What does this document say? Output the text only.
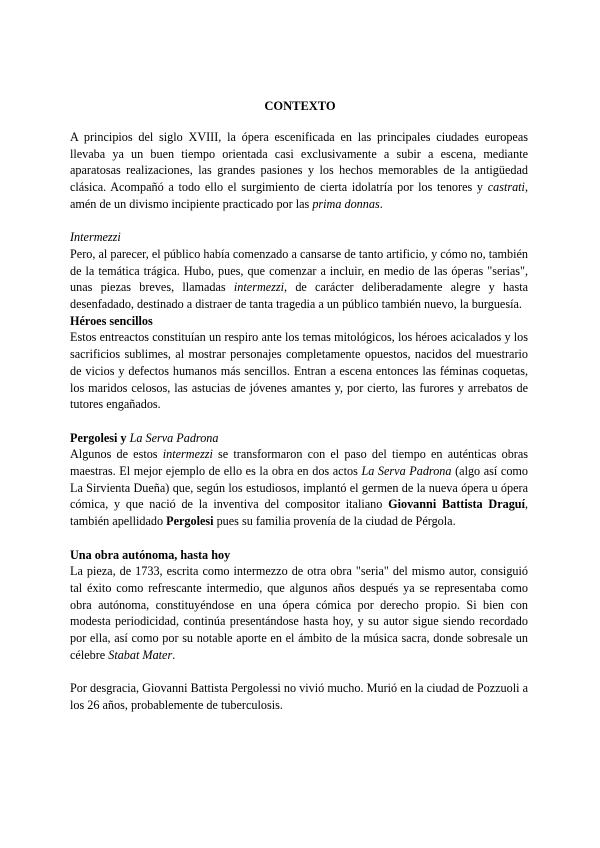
CONTEXTO

A principios del siglo XVIII, la ópera escenificada en las principales ciudades europeas llevaba ya un buen tiempo orientada casi exclusivamente a subir a escena, mediante aparatosas realizaciones, las grandes pasiones y los hechos memorables de la antigüedad clásica. Acompañó a todo ello el surgimiento de cierta idolatría por los tenores y castrati, amén de un divismo incipiente practicado por las prima donnas.

Intermezzi

Pero, al parecer, el público había comenzado a cansarse de tanto artificio, y cómo no, también de la temática trágica. Hubo, pues, que comenzar a incluir, en medio de las óperas "serias", unas piezas breves, llamadas intermezzi, de carácter deliberadamente alegre y hasta desenfadado, destinado a distraer de tanta tragedia a un público también nuevo, la burguesía.

Héroes sencillos

Estos entreactos constituían un respiro ante los temas mitológicos, los héroes acicalados y los sacrificios sublimes, al mostrar personajes completamente opuestos, nacidos del muestrario de vicios y defectos humanos más sencillos. Entran a escena entonces las féminas coquetas, los maridos celosos, las astucias de jóvenes amantes y, por cierto, las furores y arrebatos de tutores engañados.

Pergolesi y La Serva Padrona

Algunos de estos intermezzi se transformaron con el paso del tiempo en auténticas obras maestras. El mejor ejemplo de ello es la obra en dos actos La Serva Padrona (algo así como La Sirvienta Dueña) que, según los estudiosos, implantó el germen de la nueva ópera u ópera cómica, y que nació de la inventiva del compositor italiano Giovanni Battista Draguí, también apellidado Pergolesi pues su familia provenía de la ciudad de Pérgola.

Una obra autónoma, hasta hoy

La pieza, de 1733, escrita como intermezzo de otra obra "seria" del mismo autor, consiguió tal éxito como refrescante intermedio, que algunos años después ya se representaba como obra autónoma, constituyéndose en una ópera cómica por derecho propio. Si bien con modesta periodicidad, continúa presentándose hasta hoy, y su autor sigue siendo recordado por ella, así como por su notable aporte en el ámbito de la música sacra, donde sobresale un célebre Stabat Mater.

Por desgracia, Giovanni Battista Pergolessi no vivió mucho. Murió en la ciudad de Pozzuoli a los 26 años, probablemente de tuberculosis.
